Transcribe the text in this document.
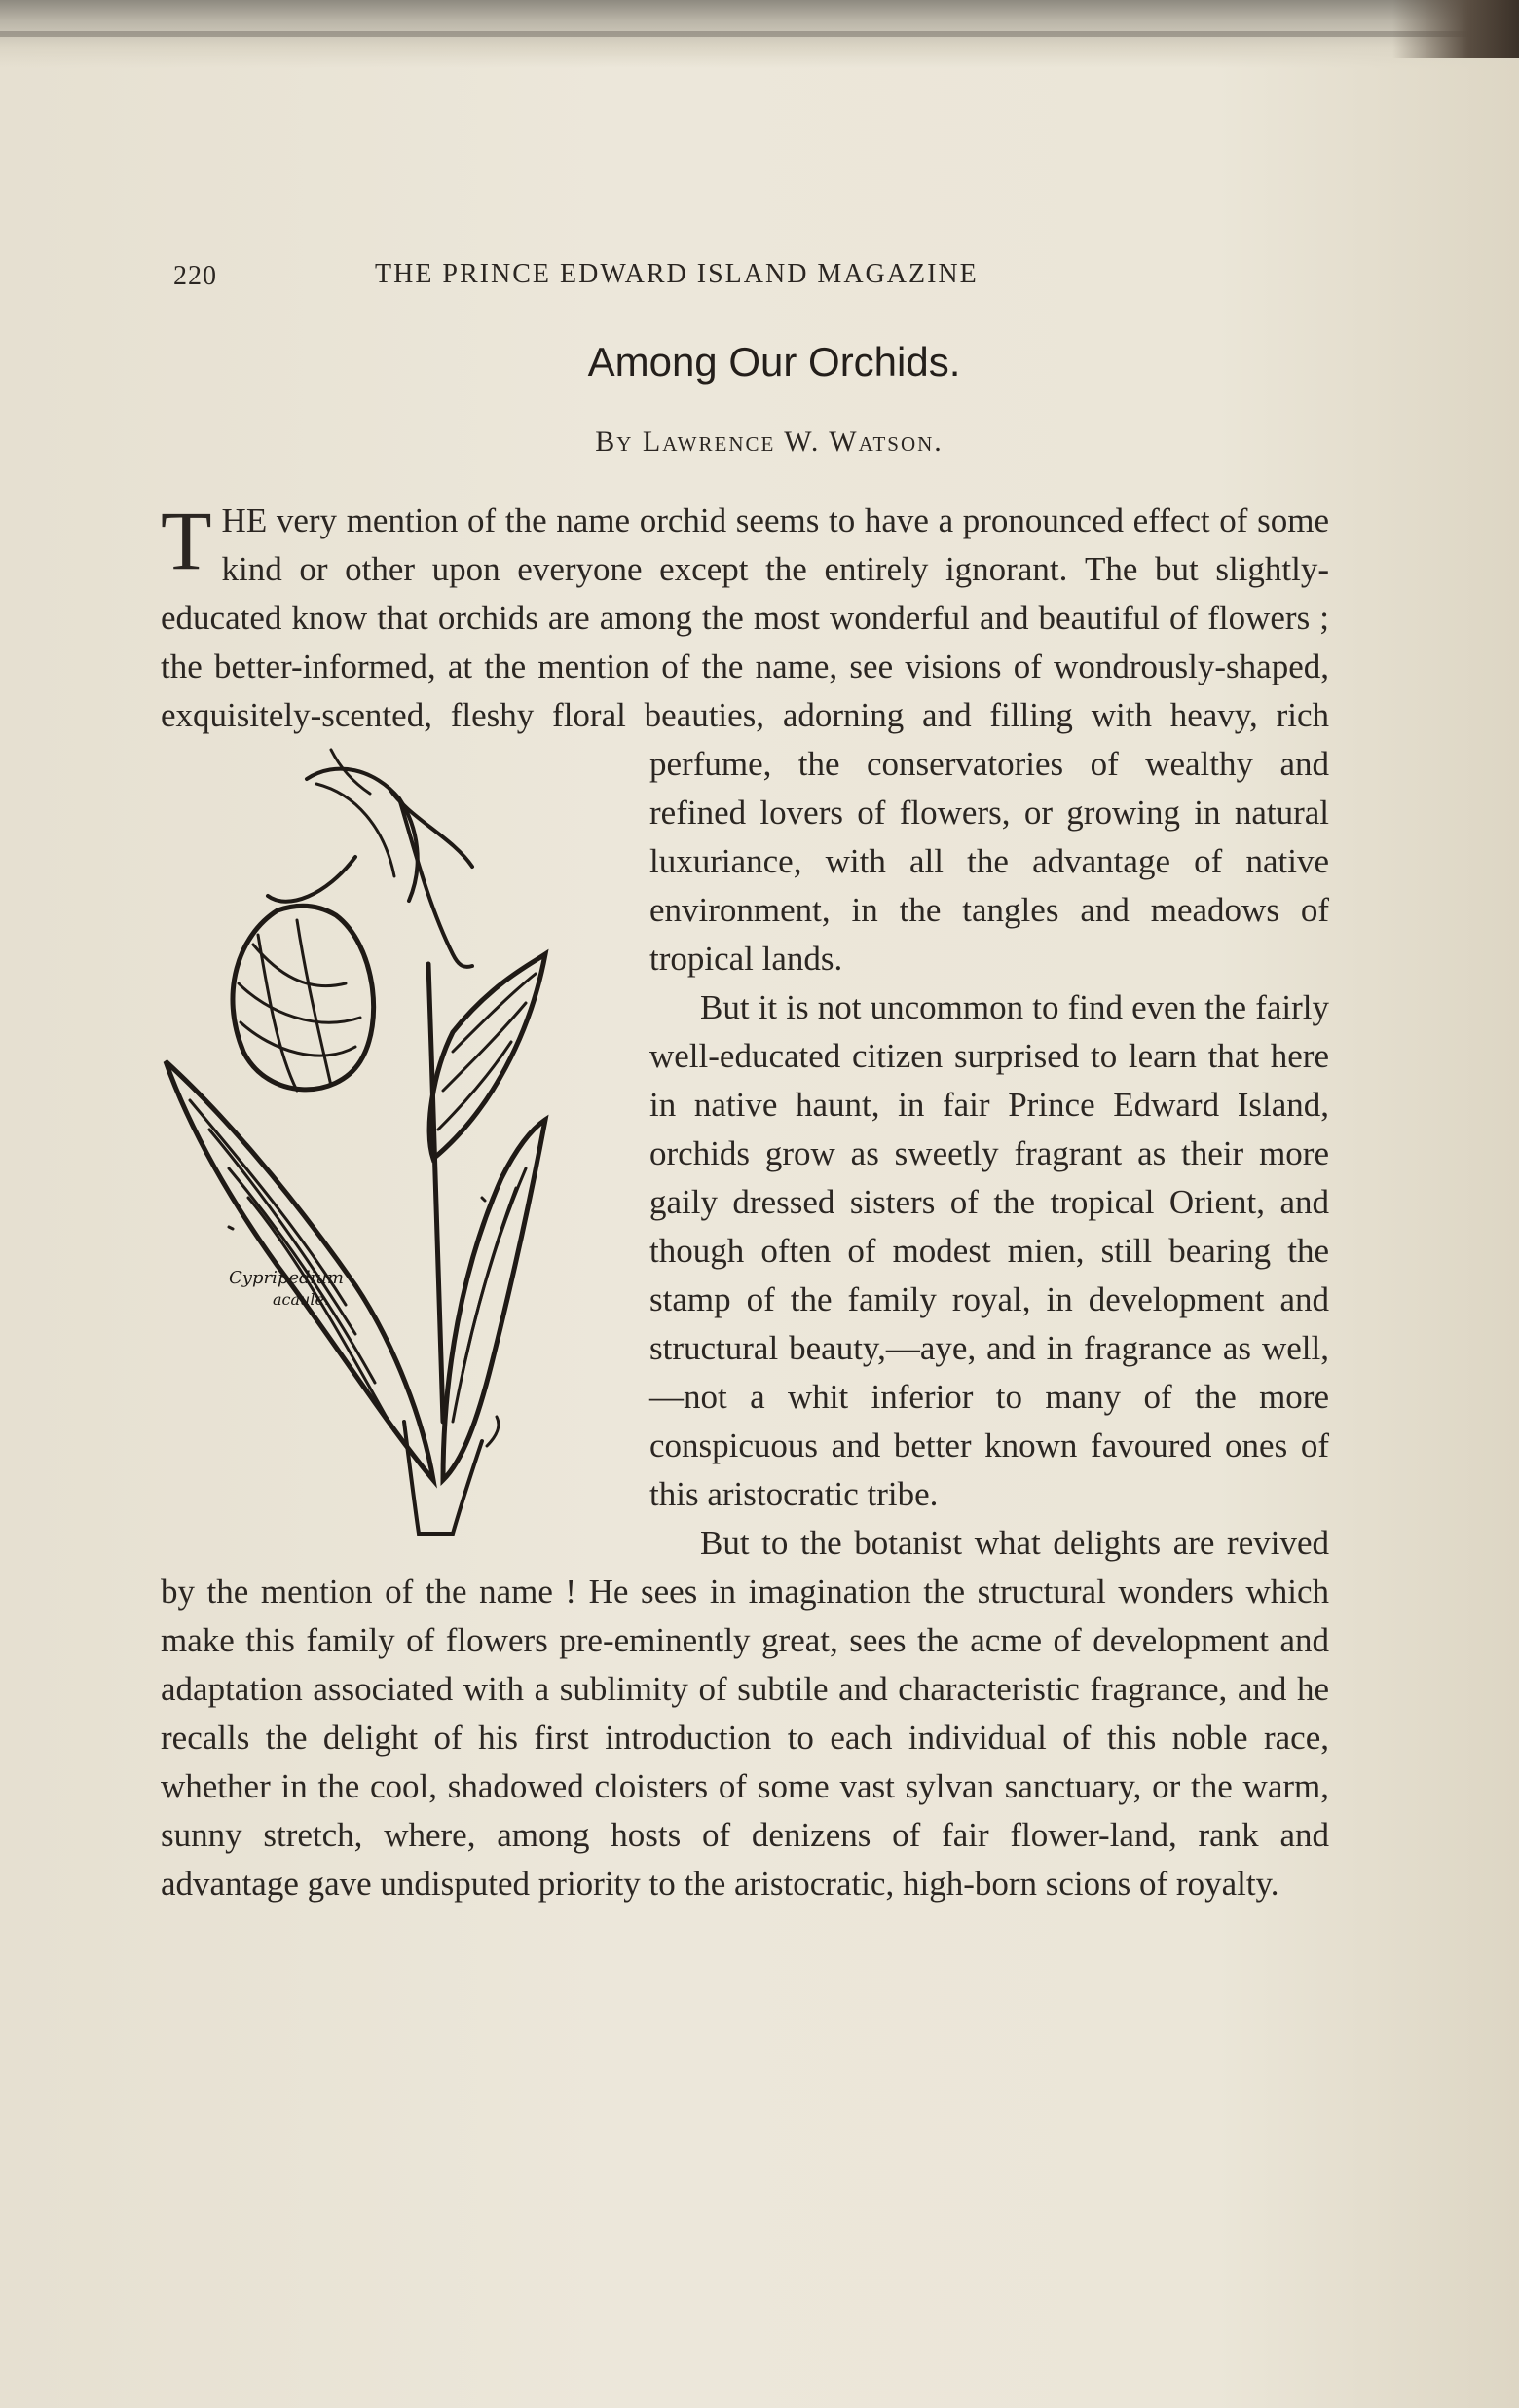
220	THE PRINCE EDWARD ISLAND MAGAZINE
Among Our Orchids.
By Lawrence W. Watson.

T HE very mention of the name orchid seems to have a pronounced effect of some kind or other upon everyone except the entirely ignorant.
Cypripedium
acaule.
The but slightly-educated know that orchids are among the most wonderful and beautiful of flowers ; the better-informed, at the mention of the name, see visions of wondrously-shaped, exquisitely-scented, fleshy floral beauties, adorning and filling with heavy, rich perfume, the conservatories of wealthy and refined lovers of flowers, or growing in natural luxuriance, with all the advantage of native environment, in the tangles and meadows of tropical lands.

But it is not uncommon to find even the fairly well-educated citizen surprised to learn that here in native haunt, in fair Prince Edward Island, orchids grow as sweetly fragrant as their more gaily dressed sisters of the tropical Orient, and though often of modest mien, still bearing the stamp of the family royal, in development and structural beauty,—aye, and in fragrance as well,—not a whit inferior to many of the more conspicuous and better known favoured ones of this aristocratic tribe.

But to the botanist what delights are revived by the mention of the name ! He sees in imagination the structural wonders which make this family of flowers pre-eminently great, sees the acme of development and adaptation associated with a sublimity of subtile and characteristic fragrance, and he recalls the delight of his first introduction to each individual of this noble race, whether in the cool, shadowed cloisters of some vast sylvan sanctuary, or the warm, sunny stretch, where, among hosts of denizens of fair flower-land, rank and advantage gave undisputed priority to the aristocratic, high-born scions of royalty.
